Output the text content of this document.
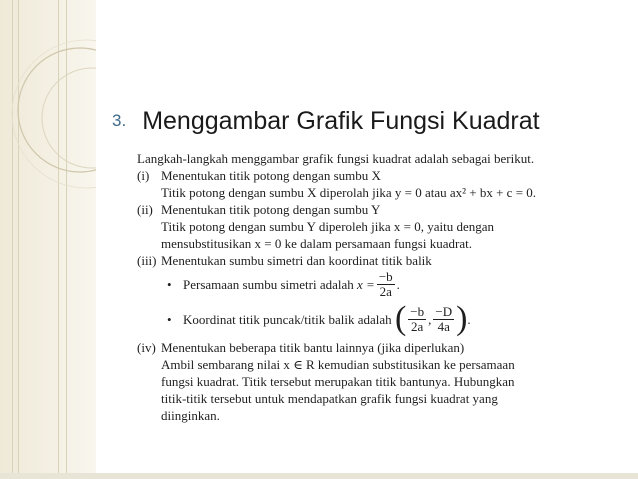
3. Menggambar Grafik Fungsi Kuadrat

Langkah-langkah menggambar grafik fungsi kuadrat adalah sebagai berikut.

(i) Menentukan titik potong dengan sumbu X

Titik potong dengan sumbu X diperolah jika y = 0 atau ax² + bx + c = 0.

(ii) Menentukan titik potong dengan sumbu Y

Titik potong dengan sumbu Y diperoleh jika x = 0, yaitu dengan mensubstitusikan x = 0 ke dalam persamaan fungsi kuadrat.

(iii) Menentukan sumbu simetri dan koordinat titik balik

• Persamaan sumbu simetri adalah
$x = \frac{-b}{2a}$ .
• Koordinat titik puncak/titik balik adalah
( $\frac{-b}{2a}$ , $\frac{-D}{4a}$ ) .
(iv) Menentukan beberapa titik bantu lainnya (jika diperlukan)

Ambil sembarang nilai x ∈ R kemudian substitusikan ke persamaan fungsi kuadrat. Titik tersebut merupakan titik bantunya. Hubungkan titik-titik tersebut untuk mendapatkan grafik fungsi kuadrat yang diinginkan.
